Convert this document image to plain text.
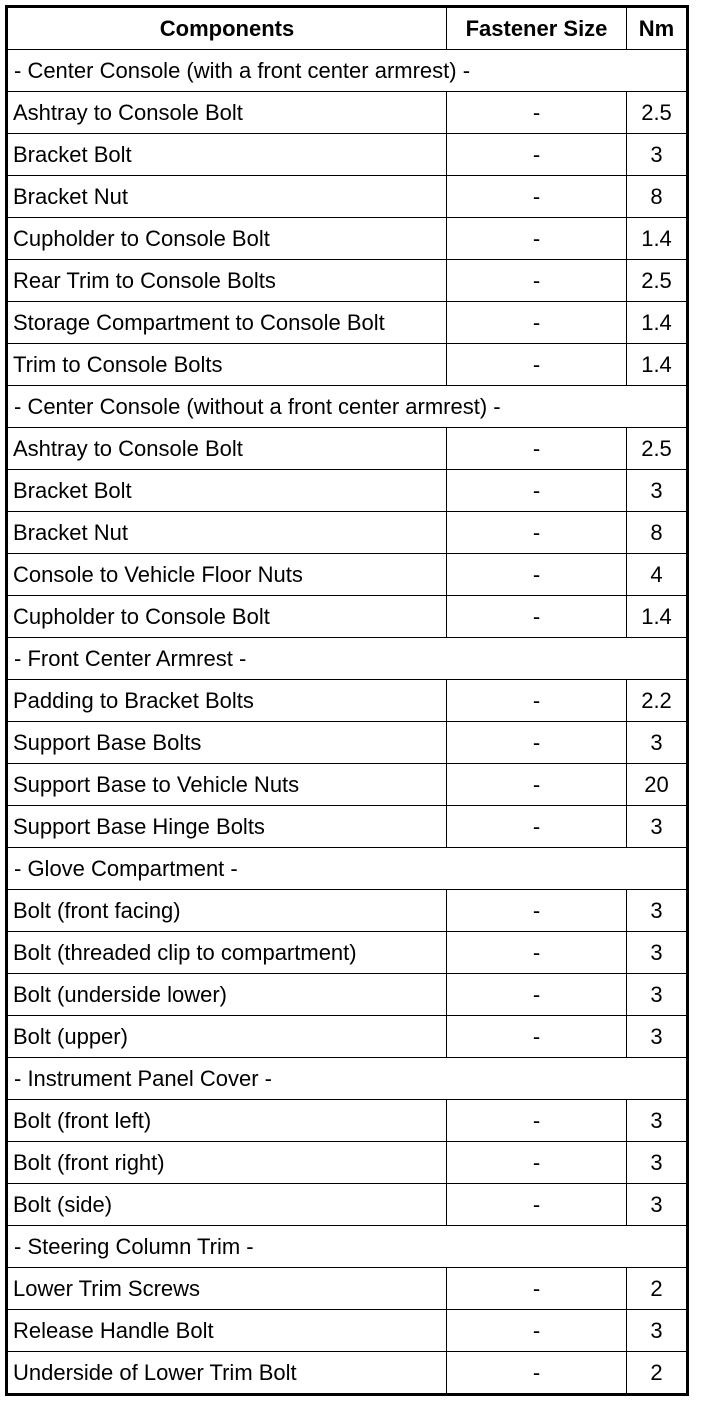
Components	Fastener Size	Nm
- Center Console (with a front center armrest) -		
Ashtray to Console Bolt	-	2.5
Bracket Bolt	-	3
Bracket Nut	-	8
Cupholder to Console Bolt	-	1.4
Rear Trim to Console Bolts	-	2.5
Storage Compartment to Console Bolt	-	1.4
Trim to Console Bolts	-	1.4
- Center Console (without a front center armrest) -		
Ashtray to Console Bolt	-	2.5
Bracket Bolt	-	3
Bracket Nut	-	8
Console to Vehicle Floor Nuts	-	4
Cupholder to Console Bolt	-	1.4
- Front Center Armrest -		
Padding to Bracket Bolts	-	2.2
Support Base Bolts	-	3
Support Base to Vehicle Nuts	-	20
Support Base Hinge Bolts	-	3
- Glove Compartment -		
Bolt (front facing)	-	3
Bolt (threaded clip to compartment)	-	3
Bolt (underside lower)	-	3
Bolt (upper)	-	3
- Instrument Panel Cover -		
Bolt (front left)	-	3
Bolt (front right)	-	3
Bolt (side)	-	3
- Steering Column Trim -		
Lower Trim Screws	-	2
Release Handle Bolt	-	3
Underside of Lower Trim Bolt	-	2
